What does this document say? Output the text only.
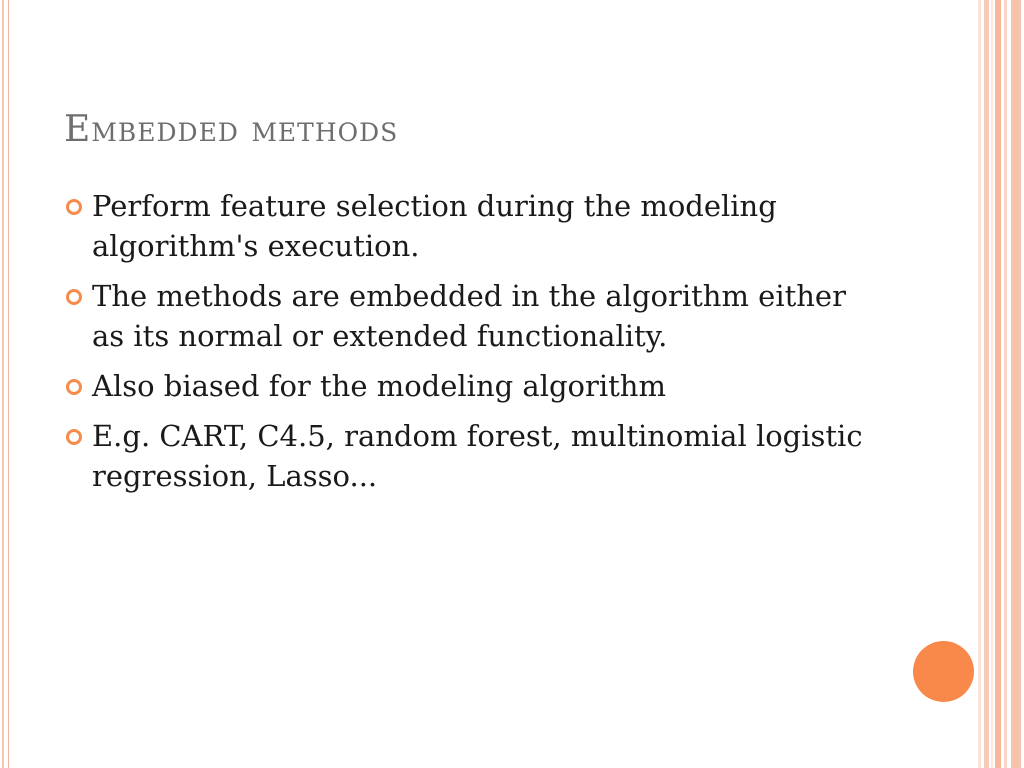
Embedded methods
Perform feature selection during the modeling algorithm's execution.
The methods are embedded in the algorithm either as its normal or extended functionality.
Also biased for the modeling algorithm
E.g. CART, C4.5, random forest, multinomial logistic regression, Lasso...
